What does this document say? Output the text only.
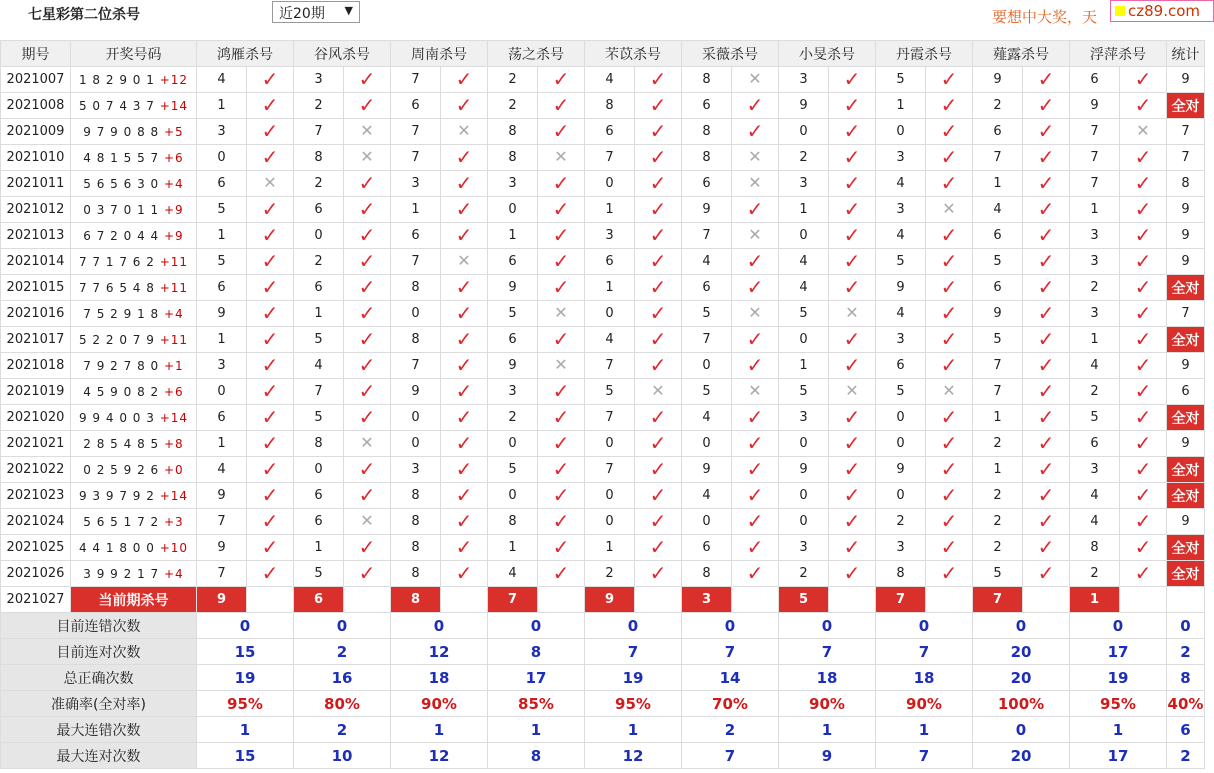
七星彩第二位杀号	近20期 ▼	要想中大奖，天 cz89.com
期号	开奖号码	鸿雁杀号		谷风杀号		周南杀号		荡之杀号		芣苡杀号		采薇杀号		小旻杀号		丹霞杀号		薤露杀号		浮萍杀号		统计
2021007	1 8 2 9 0 1 +12	4	✓	3	✓	7	✓	2	✓	4	✓	8	✕	3	✓	5	✓	9	✓	6	✓	9
2021008	5 0 7 4 3 7 +14	1	✓	2	✓	6	✓	2	✓	8	✓	6	✓	9	✓	1	✓	2	✓	9	✓	全对
2021009	9 7 9 0 8 8 +5	3	✓	7	✕	7	✕	8	✓	6	✓	8	✓	0	✓	0	✓	6	✓	7	✕	7
2021010	4 8 1 5 5 7 +6	0	✓	8	✕	7	✓	8	✕	7	✓	8	✕	2	✓	3	✓	7	✓	7	✓	7
2021011	5 6 5 6 3 0 +4	6	✕	2	✓	3	✓	3	✓	0	✓	6	✕	3	✓	4	✓	1	✓	7	✓	8
2021012	0 3 7 0 1 1 +9	5	✓	6	✓	1	✓	0	✓	1	✓	9	✓	1	✓	3	✕	4	✓	1	✓	9
2021013	6 7 2 0 4 4 +9	1	✓	0	✓	6	✓	1	✓	3	✓	7	✕	0	✓	4	✓	6	✓	3	✓	9
2021014	7 7 1 7 6 2 +11	5	✓	2	✓	7	✕	6	✓	6	✓	4	✓	4	✓	5	✓	5	✓	3	✓	9
2021015	7 7 6 5 4 8 +11	6	✓	6	✓	8	✓	9	✓	1	✓	6	✓	4	✓	9	✓	6	✓	2	✓	全对
2021016	7 5 2 9 1 8 +4	9	✓	1	✓	0	✓	5	✕	0	✓	5	✕	5	✕	4	✓	9	✓	3	✓	7
2021017	5 2 2 0 7 9 +11	1	✓	5	✓	8	✓	6	✓	4	✓	7	✓	0	✓	3	✓	5	✓	1	✓	全对
2021018	7 9 2 7 8 0 +1	3	✓	4	✓	7	✓	9	✕	7	✓	0	✓	1	✓	6	✓	7	✓	4	✓	9
2021019	4 5 9 0 8 2 +6	0	✓	7	✓	9	✓	3	✓	5	✕	5	✕	5	✕	5	✕	7	✓	2	✓	6
2021020	9 9 4 0 0 3 +14	6	✓	5	✓	0	✓	2	✓	7	✓	4	✓	3	✓	0	✓	1	✓	5	✓	全对
2021021	2 8 5 4 8 5 +8	1	✓	8	✕	0	✓	0	✓	0	✓	0	✓	0	✓	0	✓	2	✓	6	✓	9
2021022	0 2 5 9 2 6 +0	4	✓	0	✓	3	✓	5	✓	7	✓	9	✓	9	✓	9	✓	1	✓	3	✓	全对
2021023	9 3 9 7 9 2 +14	9	✓	6	✓	8	✓	0	✓	0	✓	4	✓	0	✓	0	✓	2	✓	4	✓	全对
2021024	5 6 5 1 7 2 +3	7	✓	6	✕	8	✓	8	✓	0	✓	0	✓	0	✓	2	✓	2	✓	4	✓	9
2021025	4 4 1 8 0 0 +10	9	✓	1	✓	8	✓	1	✓	1	✓	6	✓	3	✓	3	✓	2	✓	8	✓	全对
2021026	3 9 9 2 1 7 +4	7	✓	5	✓	8	✓	4	✓	2	✓	8	✓	2	✓	8	✓	5	✓	2	✓	全对
2021027	当前期杀号	9		6		8		7		9		3		5		7		7		1		
目前连错次数		0		0		0		0		0		0		0		0		0		0		0
目前连对次数		15		2		12		8		7		7		7		7		20		17		2
总正确次数		19		16		18		17		19		14		18		18		20		19		8
准确率(全对率)		95%		80%		90%		85%		95%		70%		90%		90%		100%		95%		40%
最大连错次数		1		2		1		1		1		2		1		1		0		1		6
最大连对次数		15		10		12		8		12		7		9		7		20		17		2
